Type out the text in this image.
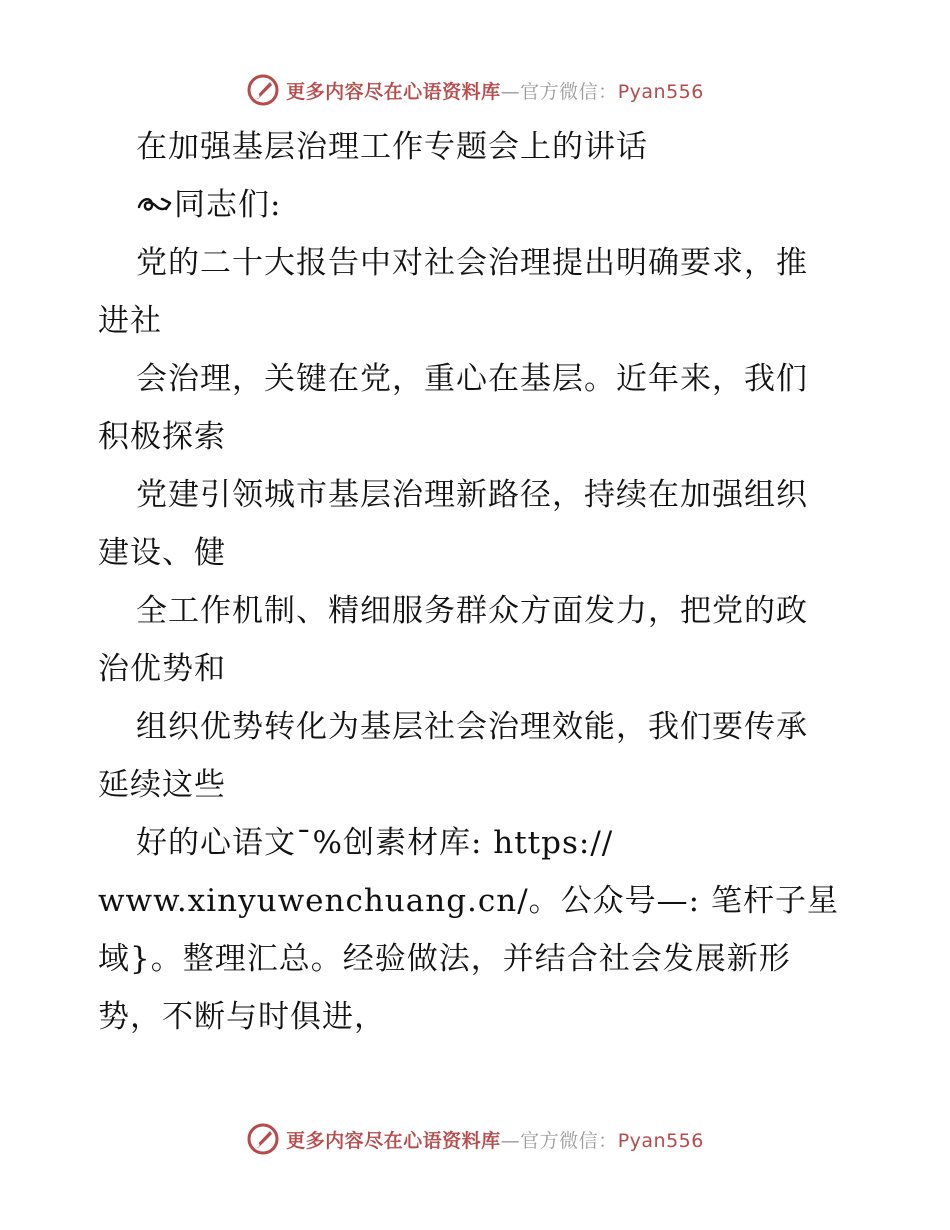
更多内容尽在心语资料库—官方微信：Pyan556
在加强基层治理工作专题会上的讲话
同志们:
党的二十大报告中对社会治理提出明确要求，推
进社
会治理，关键在党，重心在基层。近年来，我们
积极探索
党建引领城市基层治理新路径，持续在加强组织
建设、健
全工作机制、精细服务群众方面发力，把党的政
治优势和
组织优势转化为基层社会治理效能，我们要传承
延续这些
好的心语文¯%创素材库: https://
www.xinyuwenchuang.cn/。公众号—: 笔杆子星
域}。整理汇总。经验做法，并结合社会发展新形
势，不断与时俱进，
更多内容尽在心语资料库—官方微信：Pyan556
